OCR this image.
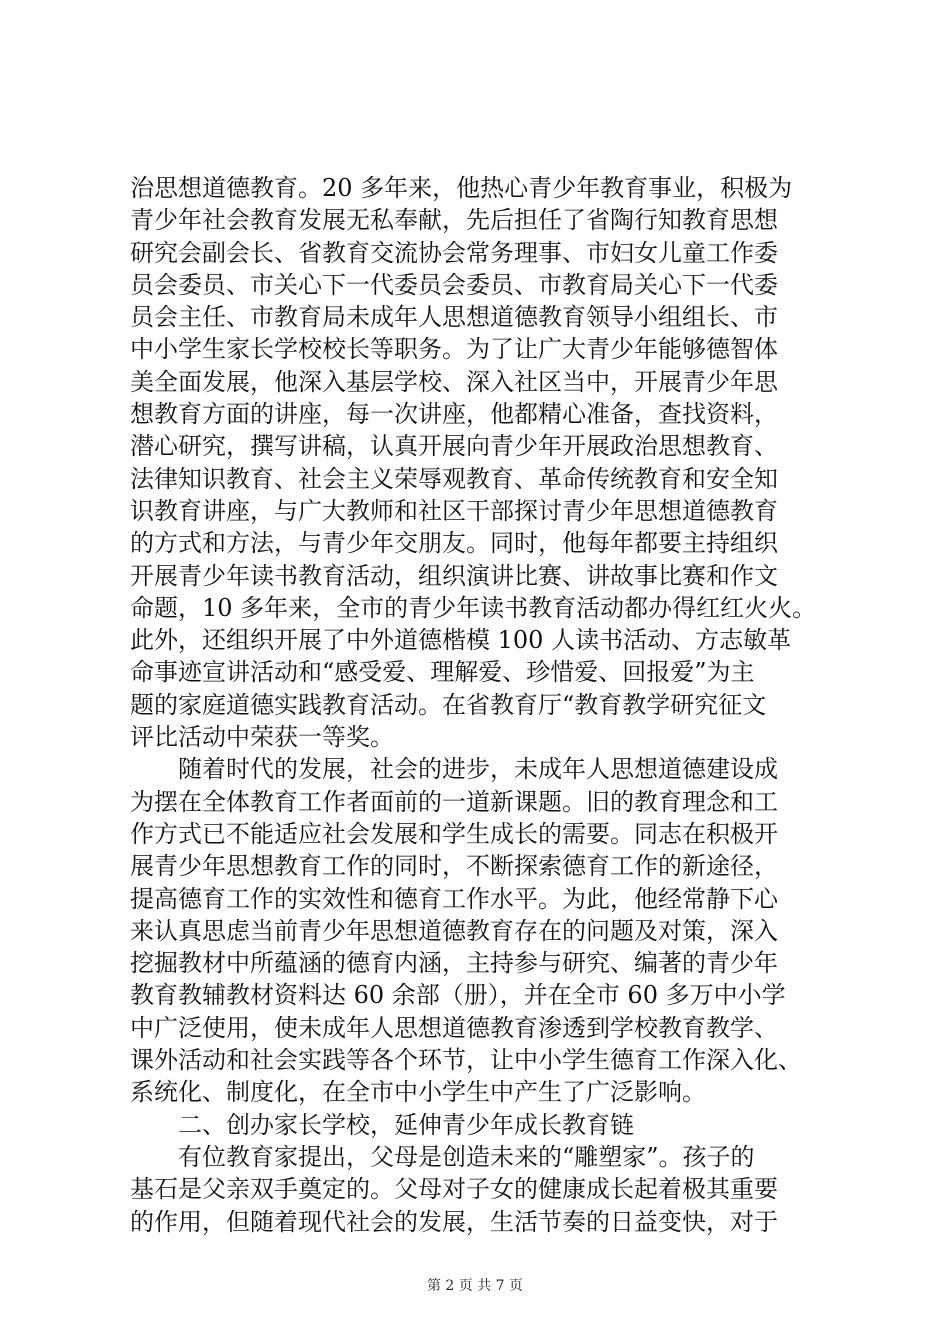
治思想道德教育。20 多年来，他热心青少年教育事业，积极为
青少年社会教育发展无私奉献，先后担任了省陶行知教育思想
研究会副会长、省教育交流协会常务理事、市妇女儿童工作委
员会委员、市关心下一代委员会委员、市教育局关心下一代委
员会主任、市教育局未成年人思想道德教育领导小组组长、市
中小学生家长学校校长等职务。为了让广大青少年能够德智体
美全面发展，他深入基层学校、深入社区当中，开展青少年思
想教育方面的讲座，每一次讲座，他都精心准备，查找资料，
潜心研究，撰写讲稿，认真开展向青少年开展政治思想教育、
法律知识教育、社会主义荣辱观教育、革命传统教育和安全知
识教育讲座，与广大教师和社区干部探讨青少年思想道德教育
的方式和方法，与青少年交朋友。同时，他每年都要主持组织
开展青少年读书教育活动，组织演讲比赛、讲故事比赛和作文
命题，10 多年来，全市的青少年读书教育活动都办得红红火火。
此外，还组织开展了中外道德楷模 100 人读书活动、方志敏革
命事迹宣讲活动和“感受爱、理解爱、珍惜爱、回报爱”为主
题的家庭道德实践教育活动。在省教育厅“教育教学研究征文
评比活动中荣获一等奖。
随着时代的发展，社会的进步，未成年人思想道德建设成
为摆在全体教育工作者面前的一道新课题。旧的教育理念和工
作方式已不能适应社会发展和学生成长的需要。同志在积极开
展青少年思想教育工作的同时，不断探索德育工作的新途径，
提高德育工作的实效性和德育工作水平。为此，他经常静下心
来认真思虑当前青少年思想道德教育存在的问题及对策，深入
挖掘教材中所蕴涵的德育内涵，主持参与研究、编著的青少年
教育教辅教材资料达 60 余部（册），并在全市 60 多万中小学
中广泛使用，使未成年人思想道德教育渗透到学校教育教学、
课外活动和社会实践等各个环节，让中小学生德育工作深入化、
系统化、制度化，在全市中小学生中产生了广泛影响。
二、创办家长学校，延伸青少年成长教育链
有位教育家提出，父母是创造未来的“雕塑家”。孩子的
基石是父亲双手奠定的。父母对子女的健康成长起着极其重要
的作用，但随着现代社会的发展，生活节奏的日益变快，对于
第 2 页 共 7 页
